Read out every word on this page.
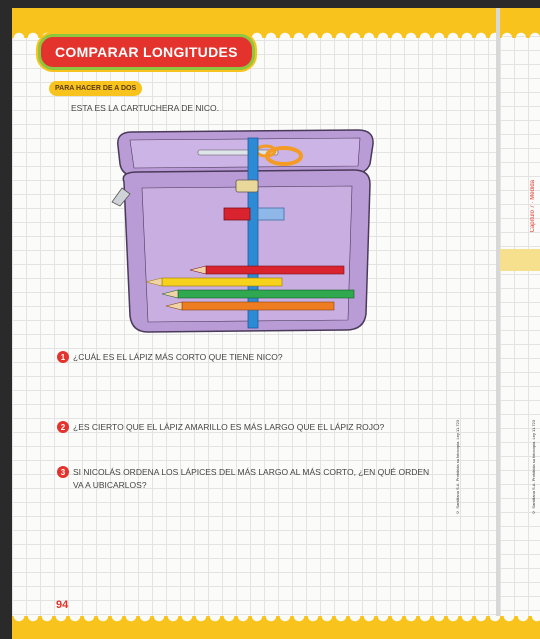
COMPARAR LONGITUDES
PARA HACER DE A DOS
ESTA ES LA CARTUCHERA DE NICO.
1 ¿CUÁL ES EL LÁPIZ MÁS CORTO QUE TIENE NICO?
2 ¿ES CIERTO QUE EL LÁPIZ AMARILLO ES MÁS LARGO QUE EL LÁPIZ ROJO?
3 SI NICOLÁS ORDENA LOS LÁPICES DEL MÁS LARGO AL MÁS CORTO, ¿EN QUÉ ORDEN VA A UBICARLOS?
94
© Santillana S.A. Prohibida su fotocopia. Ley 11.723	© Santillana S.A. Prohibida su fotocopia. Ley 11.723
Capítulo 7 · Medida
